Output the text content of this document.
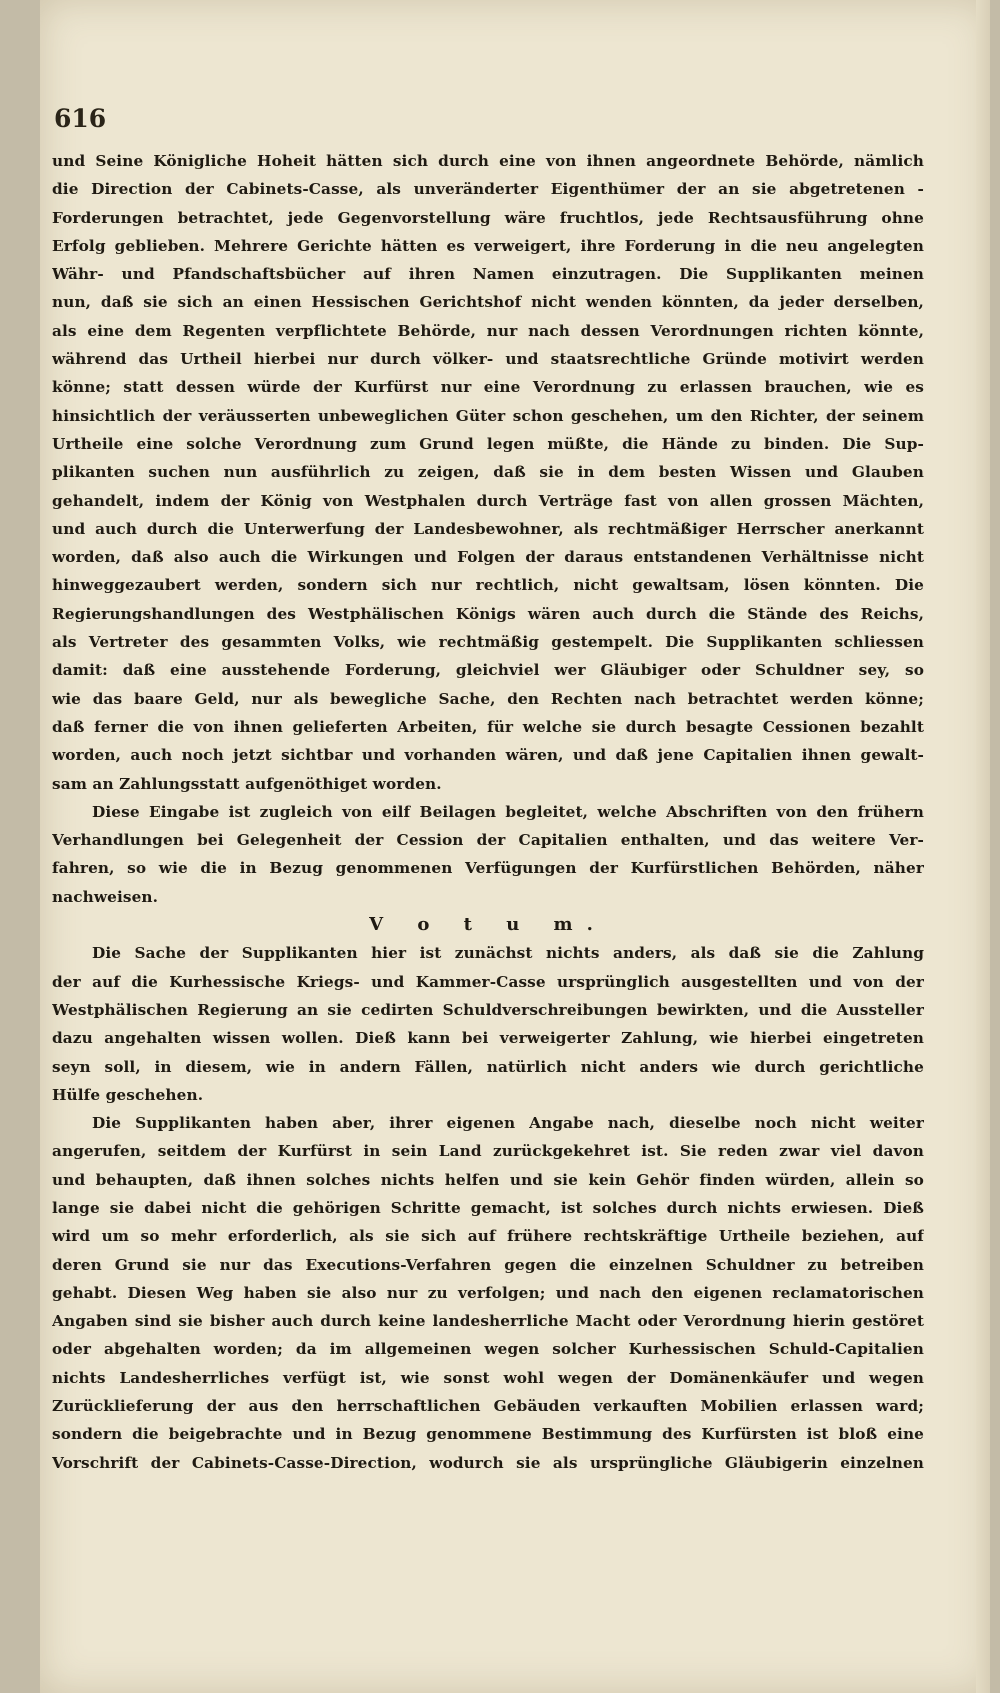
616
und Seine Königliche Hoheit hätten sich durch eine von ihnen angeordnete Behörde, nämlich
die Direction der Cabinets-Casse, als unveränderter Eigenthümer der an sie abgetretenen -
Forderungen betrachtet, jede Gegenvorstellung wäre fruchtlos, jede Rechtsausführung ohne
Erfolg geblieben. Mehrere Gerichte hätten es verweigert, ihre Forderung in die neu angelegten
Währ- und Pfandschaftsbücher auf ihren Namen einzutragen. Die Supplikanten meinen
nun, daß sie sich an einen Hessischen Gerichtshof nicht wenden könnten, da jeder derselben,
als eine dem Regenten verpflichtete Behörde, nur nach dessen Verordnungen richten könnte,
während das Urtheil hierbei nur durch völker- und staatsrechtliche Gründe motivirt werden
könne; statt dessen würde der Kurfürst nur eine Verordnung zu erlassen brauchen, wie es
hinsichtlich der veräusserten unbeweglichen Güter schon geschehen, um den Richter, der seinem
Urtheile eine solche Verordnung zum Grund legen müßte, die Hände zu binden. Die Sup-
plikanten suchen nun ausführlich zu zeigen, daß sie in dem besten Wissen und Glauben
gehandelt, indem der König von Westphalen durch Verträge fast von allen grossen Mächten,
und auch durch die Unterwerfung der Landesbewohner, als rechtmäßiger Herrscher anerkannt
worden, daß also auch die Wirkungen und Folgen der daraus entstandenen Verhältnisse nicht
hinweggezaubert werden, sondern sich nur rechtlich, nicht gewaltsam, lösen könnten. Die
Regierungshandlungen des Westphälischen Königs wären auch durch die Stände des Reichs,
als Vertreter des gesammten Volks, wie rechtmäßig gestempelt. Die Supplikanten schliessen
damit: daß eine ausstehende Forderung, gleichviel wer Gläubiger oder Schuldner sey, so
wie das baare Geld, nur als bewegliche Sache, den Rechten nach betrachtet werden könne;
daß ferner die von ihnen gelieferten Arbeiten, für welche sie durch besagte Cessionen bezahlt
worden, auch noch jetzt sichtbar und vorhanden wären, und daß jene Capitalien ihnen gewalt-
sam an Zahlungsstatt aufgenöthiget worden.
Diese Eingabe ist zugleich von eilf Beilagen begleitet, welche Abschriften von den frühern
Verhandlungen bei Gelegenheit der Cession der Capitalien enthalten, und das weitere Ver-
fahren, so wie die in Bezug genommenen Verfügungen der Kurfürstlichen Behörden, näher
nachweisen.
V o t u m.
Die Sache der Supplikanten hier ist zunächst nichts anders, als daß sie die Zahlung
der auf die Kurhessische Kriegs- und Kammer-Casse ursprünglich ausgestellten und von der
Westphälischen Regierung an sie cedirten Schuldverschreibungen bewirkten, und die Aussteller
dazu angehalten wissen wollen. Dieß kann bei verweigerter Zahlung, wie hierbei eingetreten
seyn soll, in diesem, wie in andern Fällen, natürlich nicht anders wie durch gerichtliche
Hülfe geschehen.
Die Supplikanten haben aber, ihrer eigenen Angabe nach, dieselbe noch nicht weiter
angerufen, seitdem der Kurfürst in sein Land zurückgekehret ist. Sie reden zwar viel davon
und behaupten, daß ihnen solches nichts helfen und sie kein Gehör finden würden, allein so
lange sie dabei nicht die gehörigen Schritte gemacht, ist solches durch nichts erwiesen. Dieß
wird um so mehr erforderlich, als sie sich auf frühere rechtskräftige Urtheile beziehen, auf
deren Grund sie nur das Executions-Verfahren gegen die einzelnen Schuldner zu betreiben
gehabt. Diesen Weg haben sie also nur zu verfolgen; und nach den eigenen reclamatorischen
Angaben sind sie bisher auch durch keine landesherrliche Macht oder Verordnung hierin gestöret
oder abgehalten worden; da im allgemeinen wegen solcher Kurhessischen Schuld-Capitalien
nichts Landesherrliches verfügt ist, wie sonst wohl wegen der Domänenkäufer und wegen
Zurücklieferung der aus den herrschaftlichen Gebäuden verkauften Mobilien erlassen ward;
sondern die beigebrachte und in Bezug genommene Bestimmung des Kurfürsten ist bloß eine
Vorschrift der Cabinets-Casse-Direction, wodurch sie als ursprüngliche Gläubigerin einzelnen
